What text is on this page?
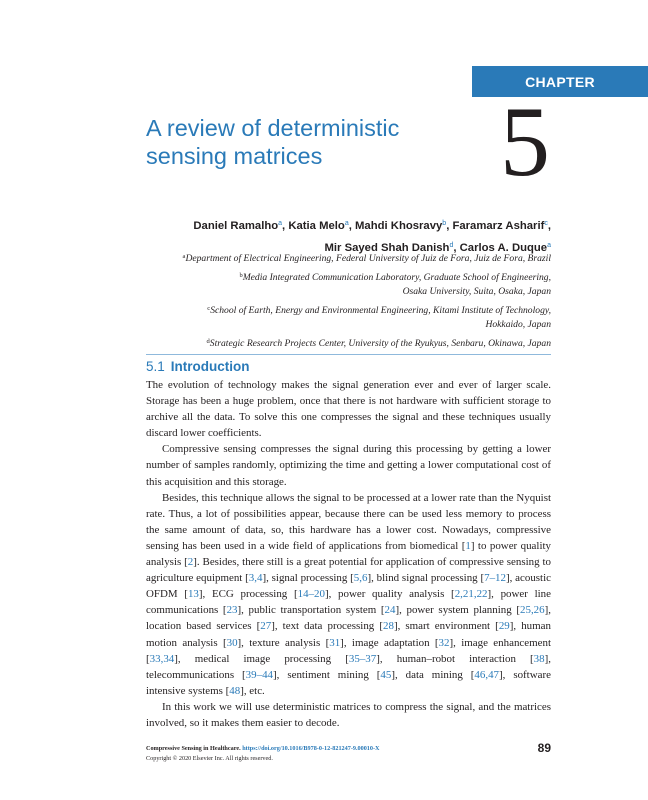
CHAPTER
A review of deterministic
sensing matrices	5
Daniel Ramalho$^a$, Katia Melo$^a$, Mahdi Khosravy$^b$, Faramarz Asharif$^c$,
Mir Sayed Shah Danish$^d$, Carlos A. Duque$^a$
$^a$Department of Electrical Engineering, Federal University of Juiz de Fora, Juiz de Fora, Brazil
$^b$Media Integrated Communication Laboratory, Graduate School of Engineering,
Osaka University, Suita, Osaka, Japan
$^c$School of Earth, Energy and Environmental Engineering, Kitami Institute of Technology,
Hokkaido, Japan
$^d$Strategic Research Projects Center, University of the Ryukyus, Senbaru, Okinawa, Japan
5.1 Introduction

The evolution of technology makes the signal generation ever and ever of larger scale. Storage has been a huge problem, once that there is not hardware with sufficient storage to archive all the data. To solve this one compresses the signal and these techniques usually discard lower coefficients.

Compressive sensing compresses the signal during this processing by getting a lower number of samples randomly, optimizing the time and getting a lower computational cost of this acquisition and this storage.

Besides, this technique allows the signal to be processed at a lower rate than the Nyquist rate. Thus, a lot of possibilities appear, because there can be used less memory to process the same amount of data, so, this hardware has a lower cost. Nowadays, compressive sensing has been used in a wide field of applications from biomedical [1] to power quality analysis [2]. Besides, there still is a great potential for application of compressive sensing to agriculture equipment [3,4], signal processing [5,6], blind signal processing [7–12], acoustic OFDM [13], ECG processing [14–20], power quality analysis [2,21,22], power line communications [23], public transportation system [24], power system planning [25,26], location based services [27], text data processing [28], smart environment [29], human motion analysis [30], texture analysis [31], image adaptation [32], image enhancement [33,34], medical image processing [35–37], human–robot interaction [38], telecommunications [39–44], sentiment mining [45], data mining [46,47], software intensive systems [48], etc.

In this work we will use deterministic matrices to compress the signal, and the matrices involved, so it makes them easier to decode.

Compressive Sensing in Healthcare. https://doi.org/10.1016/B978-0-12-821247-9.00010-X
Copyright © 2020 Elsevier Inc. All rights reserved.
89
